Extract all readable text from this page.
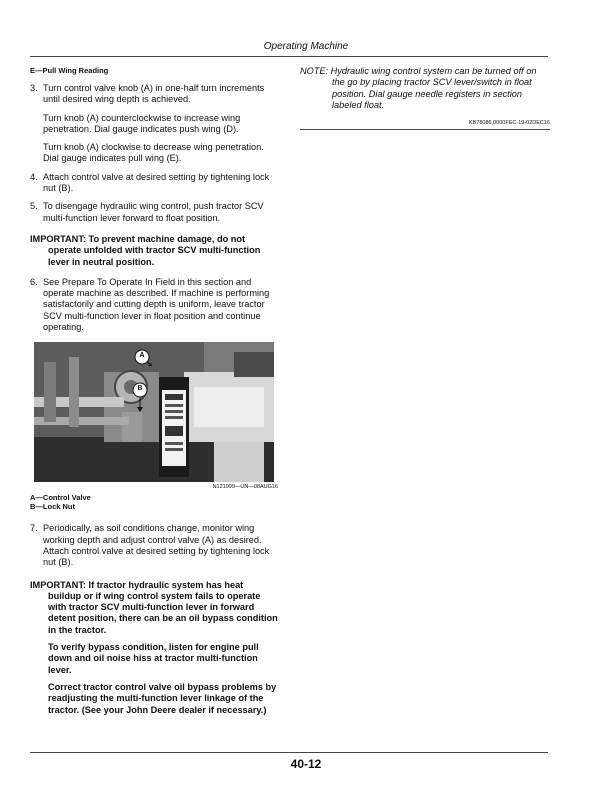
Operating Machine

E—Pull Wing Reading

3. Turn control valve knob (A) in one-half turn increments until desired wing depth is achieved.

Turn knob (A) counterclockwise to increase wing penetration. Dial gauge indicates push wing (D).

Turn knob (A) clockwise to decrease wing penetration. Dial gauge indicates pull wing (E).

4. Attach control valve at desired setting by tightening lock nut (B).
5. To disengage hydraulic wing control, push tractor SCV multi-function lever forward to float position.
IMPORTANT: To prevent machine damage, do not operate unfolded with tractor SCV multi-function lever in neutral position.
6. See Prepare To Operate In Field in this section and operate machine as described. If machine is performing satisfactorily and cutting depth is uniform, leave tractor SCV multi-function lever in float position and continue operating.
A
B
N121999—UN—08AUG16

A—Control Valve

B—Lock Nut

7. Periodically, as soil conditions change, monitor wing working depth and adjust control valve (A) as desired. Attach control valve at desired setting by tightening lock nut (B).
IMPORTANT: If tractor hydraulic system has heat buildup or if wing control system fails to operate with tractor SCV multi-function lever in forward detent position, there can be an oil bypass condition in the tractor.
To verify bypass condition, listen for engine pull down and oil noise hiss at tractor multi-function lever.
Correct tractor control valve oil bypass problems by readjusting the multi-function lever linkage of the tractor. (See your John Deere dealer if necessary.)

NOTE: Hydraulic wing control system can be turned off on the go by placing tractor SCV lever/switch in float position. Dial gauge needle registers in section labeled float.

KB78086,0000FEC-19-02DEC16

40-12
